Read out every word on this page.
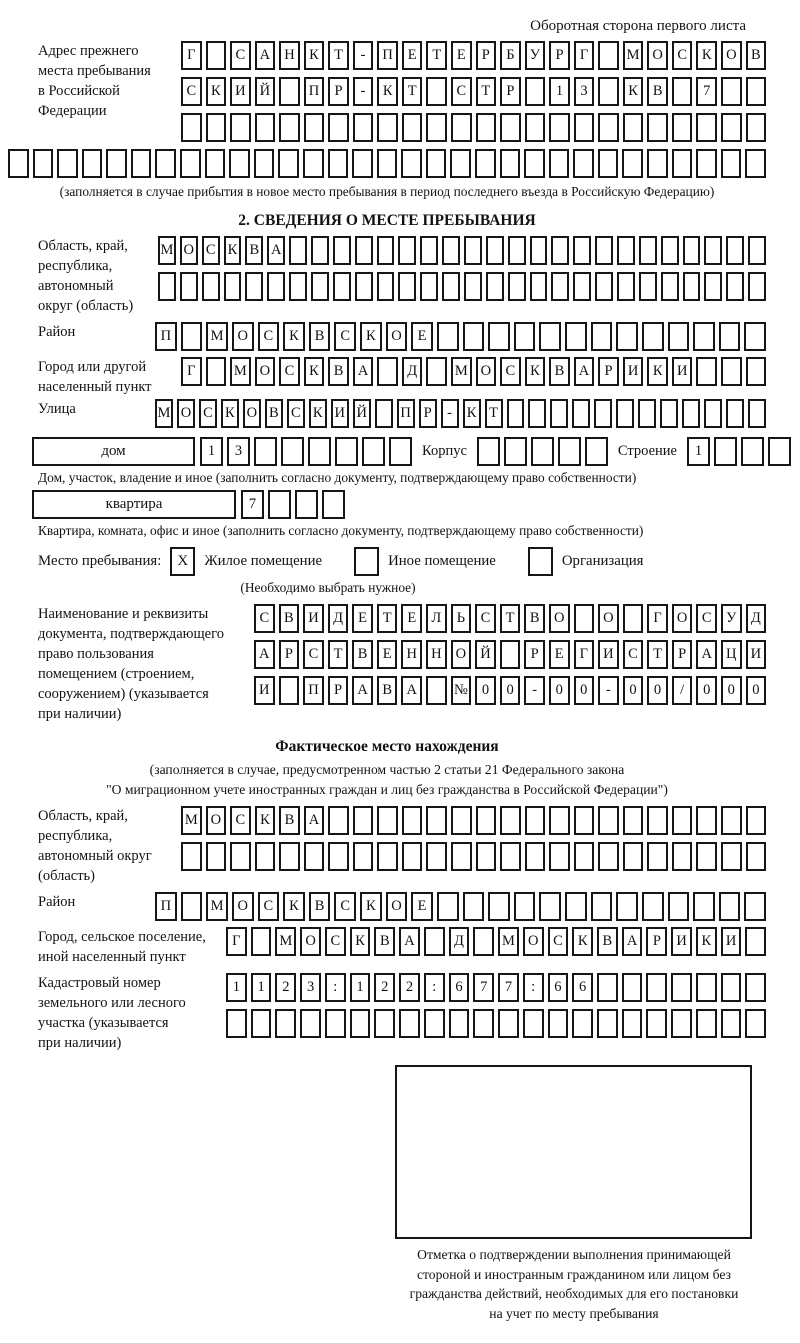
Оборотная сторона первого листа
Адрес прежнего
места пребывания
в Российской
Федерации
Г	С А Н К	Т	-	П	Е	Т	Е	Р	Б	У	Р	Г	М О С	К О В
С	К И Й	П	Р	-	К	Т	С	Т	Р	1	3	К	В	7
(заполняется в случае прибытия в новое место пребывания в период последнего въезда в Российскую Федерацию)
2. СВЕДЕНИЯ О МЕСТЕ ПРЕБЫВАНИЯ
Область, край,
республика,
автономный
округ (область)
М О С К В А
Район	П	М О	С	К	В	С	К	О	Е
Город или другой
населенный пункт
Г	М О С	К	В А	Д	М О С	К	В А	Р	И К И
Улица	М О С К О В С К И Й П Р	-	К Т
дом	1	3	Корпус	Строение	1
Дом, участок, владение и иное (заполнить согласно документу, подтверждающему право собственности)
квартира	7
Квартира, комната, офис и иное (заполнить согласно документу, подтверждающему право собственности)
Место пребывания:	X	Жилое помещение	Иное помещение	Организация
(Необходимо выбрать нужное)
Наименование и реквизиты
документа, подтверждающего
право пользования
помещением (строением,
сооружением) (указывается
при наличии)
С	В	И Д	Е	Т	Е	Л	Ь	С	Т	В	О	О	Г	О	С	У Д
А	Р	С	Т	В	Е	Н Н О Й	Р	Е	Г	И	С	Т	Р	А Ц И
И	П	Р	А	В	А	№ 0	0	-	0	0	-	0	0	/	0	0	0
Фактическое место нахождения
(заполняется в случае, предусмотренном частью 2 статьи 21 Федерального закона
"О миграционном учете иностранных граждан и лиц без гражданства в Российской Федерации")
Область, край,
республика,
автономный округ
(область)
М О С	К	В А
Район	П	М О	С	К	В	С	К	О	Е
Город, сельское поселение,
иной населенный пункт
Г	М О	С	К	В	А	Д	М О	С	К	В	А	Р	И	К	И
Кадастровый номер
земельного или лесного
участка (указывается
при наличии)
1	1	2	3	:	1	2	2	:	6	7	7	:	6	6
Отметка о подтверждении выполнения принимающей
стороной и иностранным гражданином или лицом без
гражданства действий, необходимых для его постановки
на учет по месту пребывания
